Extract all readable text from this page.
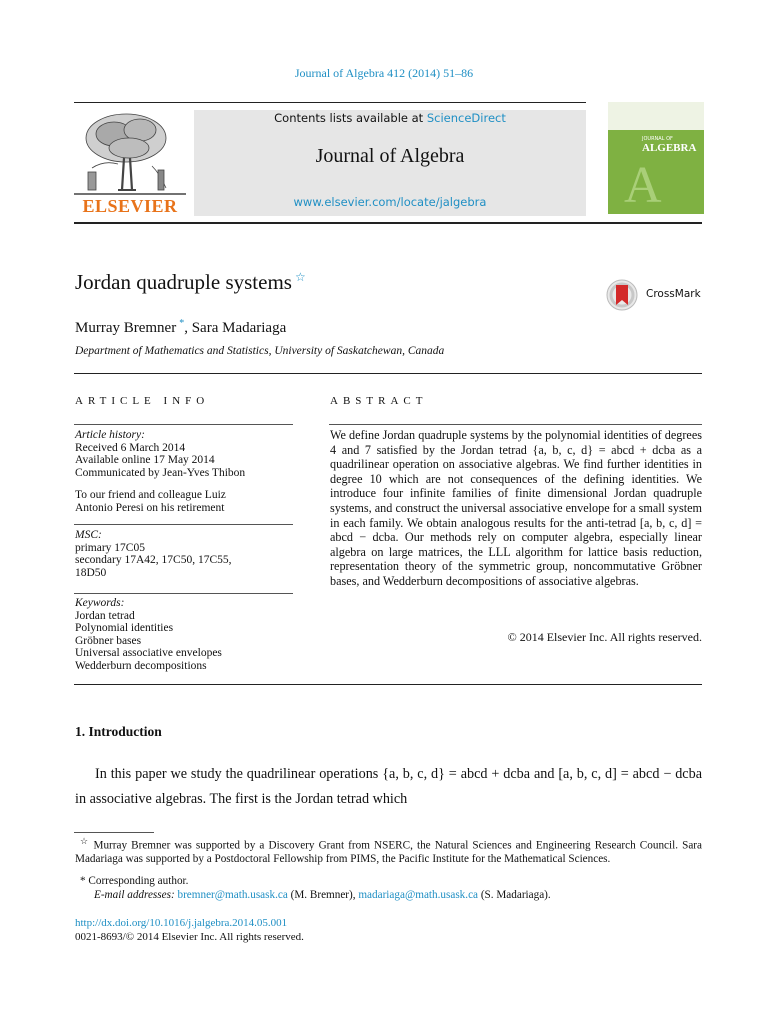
Journal of Algebra 412 (2014) 51–86
ELSEVIER
Contents lists available at ScienceDirect
Journal of Algebra
www.elsevier.com/locate/jalgebra
JOURNAL OF
ALGEBRA
A
Jordan quadruple systems ☆
CrossMark
Murray Bremner *, Sara Madariaga
Department of Mathematics and Statistics, University of Saskatchewan, Canada
ARTICLE INFO
Article history:
Received 6 March 2014
Available online 17 May 2014
Communicated by Jean-Yves Thibon
To our friend and colleague Luiz
Antonio Peresi on his retirement
MSC:
primary 17C05
secondary 17A42, 17C50, 17C55,
18D50
Keywords:
Jordan tetrad
Polynomial identities
Gröbner bases
Universal associative envelopes
Wedderburn decompositions
ABSTRACT
We define Jordan quadruple systems by the polynomial identities of degrees 4 and 7 satisfied by the Jordan tetrad {a, b, c, d} = abcd + dcba as a quadrilinear operation on associative algebras. We find further identities in degree 10 which are not consequences of the defining identities. We introduce four infinite families of finite dimensional Jordan quadruple systems, and construct the universal associative envelope for a small system in each family. We obtain analogous results for the anti-tetrad [a, b, c, d] = abcd − dcba. Our methods rely on computer algebra, especially linear algebra on large matrices, the LLL algorithm for lattice basis reduction, representation theory of the symmetric group, noncommutative Gröbner bases, and Wedderburn decompositions of associative algebras.
© 2014 Elsevier Inc. All rights reserved.
1. Introduction
In this paper we study the quadrilinear operations {a, b, c, d} = abcd + dcba and [a, b, c, d] = abcd − dcba in associative algebras. The first is the Jordan tetrad which
☆ Murray Bremner was supported by a Discovery Grant from NSERC, the Natural Sciences and Engineering Research Council. Sara Madariaga was supported by a Postdoctoral Fellowship from PIMS, the Pacific Institute for the Mathematical Sciences.
* Corresponding author.
E-mail addresses: bremner@math.usask.ca (M. Bremner), madariaga@math.usask.ca (S. Madariaga).
http://dx.doi.org/10.1016/j.jalgebra.2014.05.001
0021-8693/© 2014 Elsevier Inc. All rights reserved.
